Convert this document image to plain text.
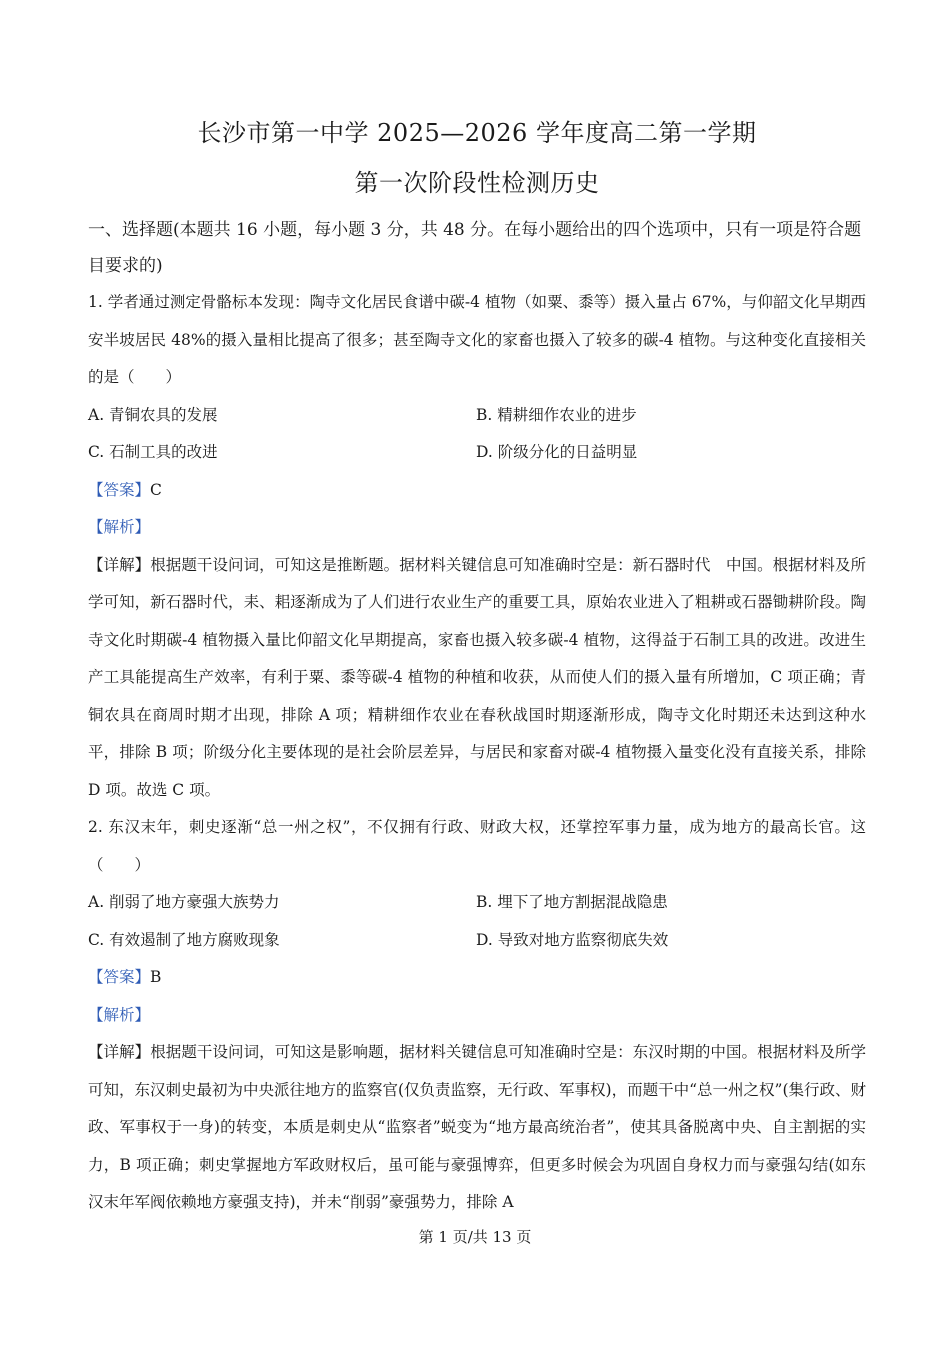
长沙市第一中学 2025—2026 学年度高二第一学期
第一次阶段性检测历史

一、选择题(本题共 16 小题，每小题 3 分，共 48 分。在每小题给出的四个选项中，只有一项是符合题目要求的)

1. 学者通过测定骨骼标本发现：陶寺文化居民食谱中碳-4 植物（如粟、黍等）摄入量占 67%，与仰韶文化早期西安半坡居民 48%的摄入量相比提高了很多；甚至陶寺文化的家畜也摄入了较多的碳-4 植物。与这种变化直接相关的是（　　）

A. 青铜农具的发展	B. 精耕细作农业的进步
C. 石制工具的改进	D. 阶级分化的日益明显

【答案】C

【解析】

【详解】根据题干设问词，可知这是推断题。据材料关键信息可知准确时空是：新石器时代　中国。根据材料及所学可知，新石器时代，耒、耜逐渐成为了人们进行农业生产的重要工具，原始农业进入了粗耕或石器锄耕阶段。陶寺文化时期碳-4 植物摄入量比仰韶文化早期提高，家畜也摄入较多碳-4 植物，这得益于石制工具的改进。改进生产工具能提高生产效率，有利于粟、黍等碳-4 植物的种植和收获，从而使人们的摄入量有所增加，C 项正确；青铜农具在商周时期才出现，排除 A 项；精耕细作农业在春秋战国时期逐渐形成，陶寺文化时期还未达到这种水平，排除 B 项；阶级分化主要体现的是社会阶层差异，与居民和家畜对碳-4 植物摄入量变化没有直接关系，排除 D 项。故选 C 项。

2. 东汉末年，刺史逐渐“总一州之权”，不仅拥有行政、财政大权，还掌控军事力量，成为地方的最高长官。这（　　）

A. 削弱了地方豪强大族势力	B. 埋下了地方割据混战隐患
C. 有效遏制了地方腐败现象	D. 导致对地方监察彻底失效

【答案】B

【解析】

【详解】根据题干设问词，可知这是影响题，据材料关键信息可知准确时空是：东汉时期的中国。根据材料及所学可知，东汉刺史最初为中央派往地方的监察官(仅负责监察，无行政、军事权)，而题干中“总一州之权”(集行政、财政、军事权于一身)的转变，本质是刺史从“监察者”蜕变为“地方最高统治者”，使其具备脱离中央、自主割据的实力，B 项正确；刺史掌握地方军政财权后，虽可能与豪强博弈，但更多时候会为巩固自身权力而与豪强勾结(如东汉末年军阀依赖地方豪强支持)，并未“削弱”豪强势力，排除 A

第 1 页/共 13 页
